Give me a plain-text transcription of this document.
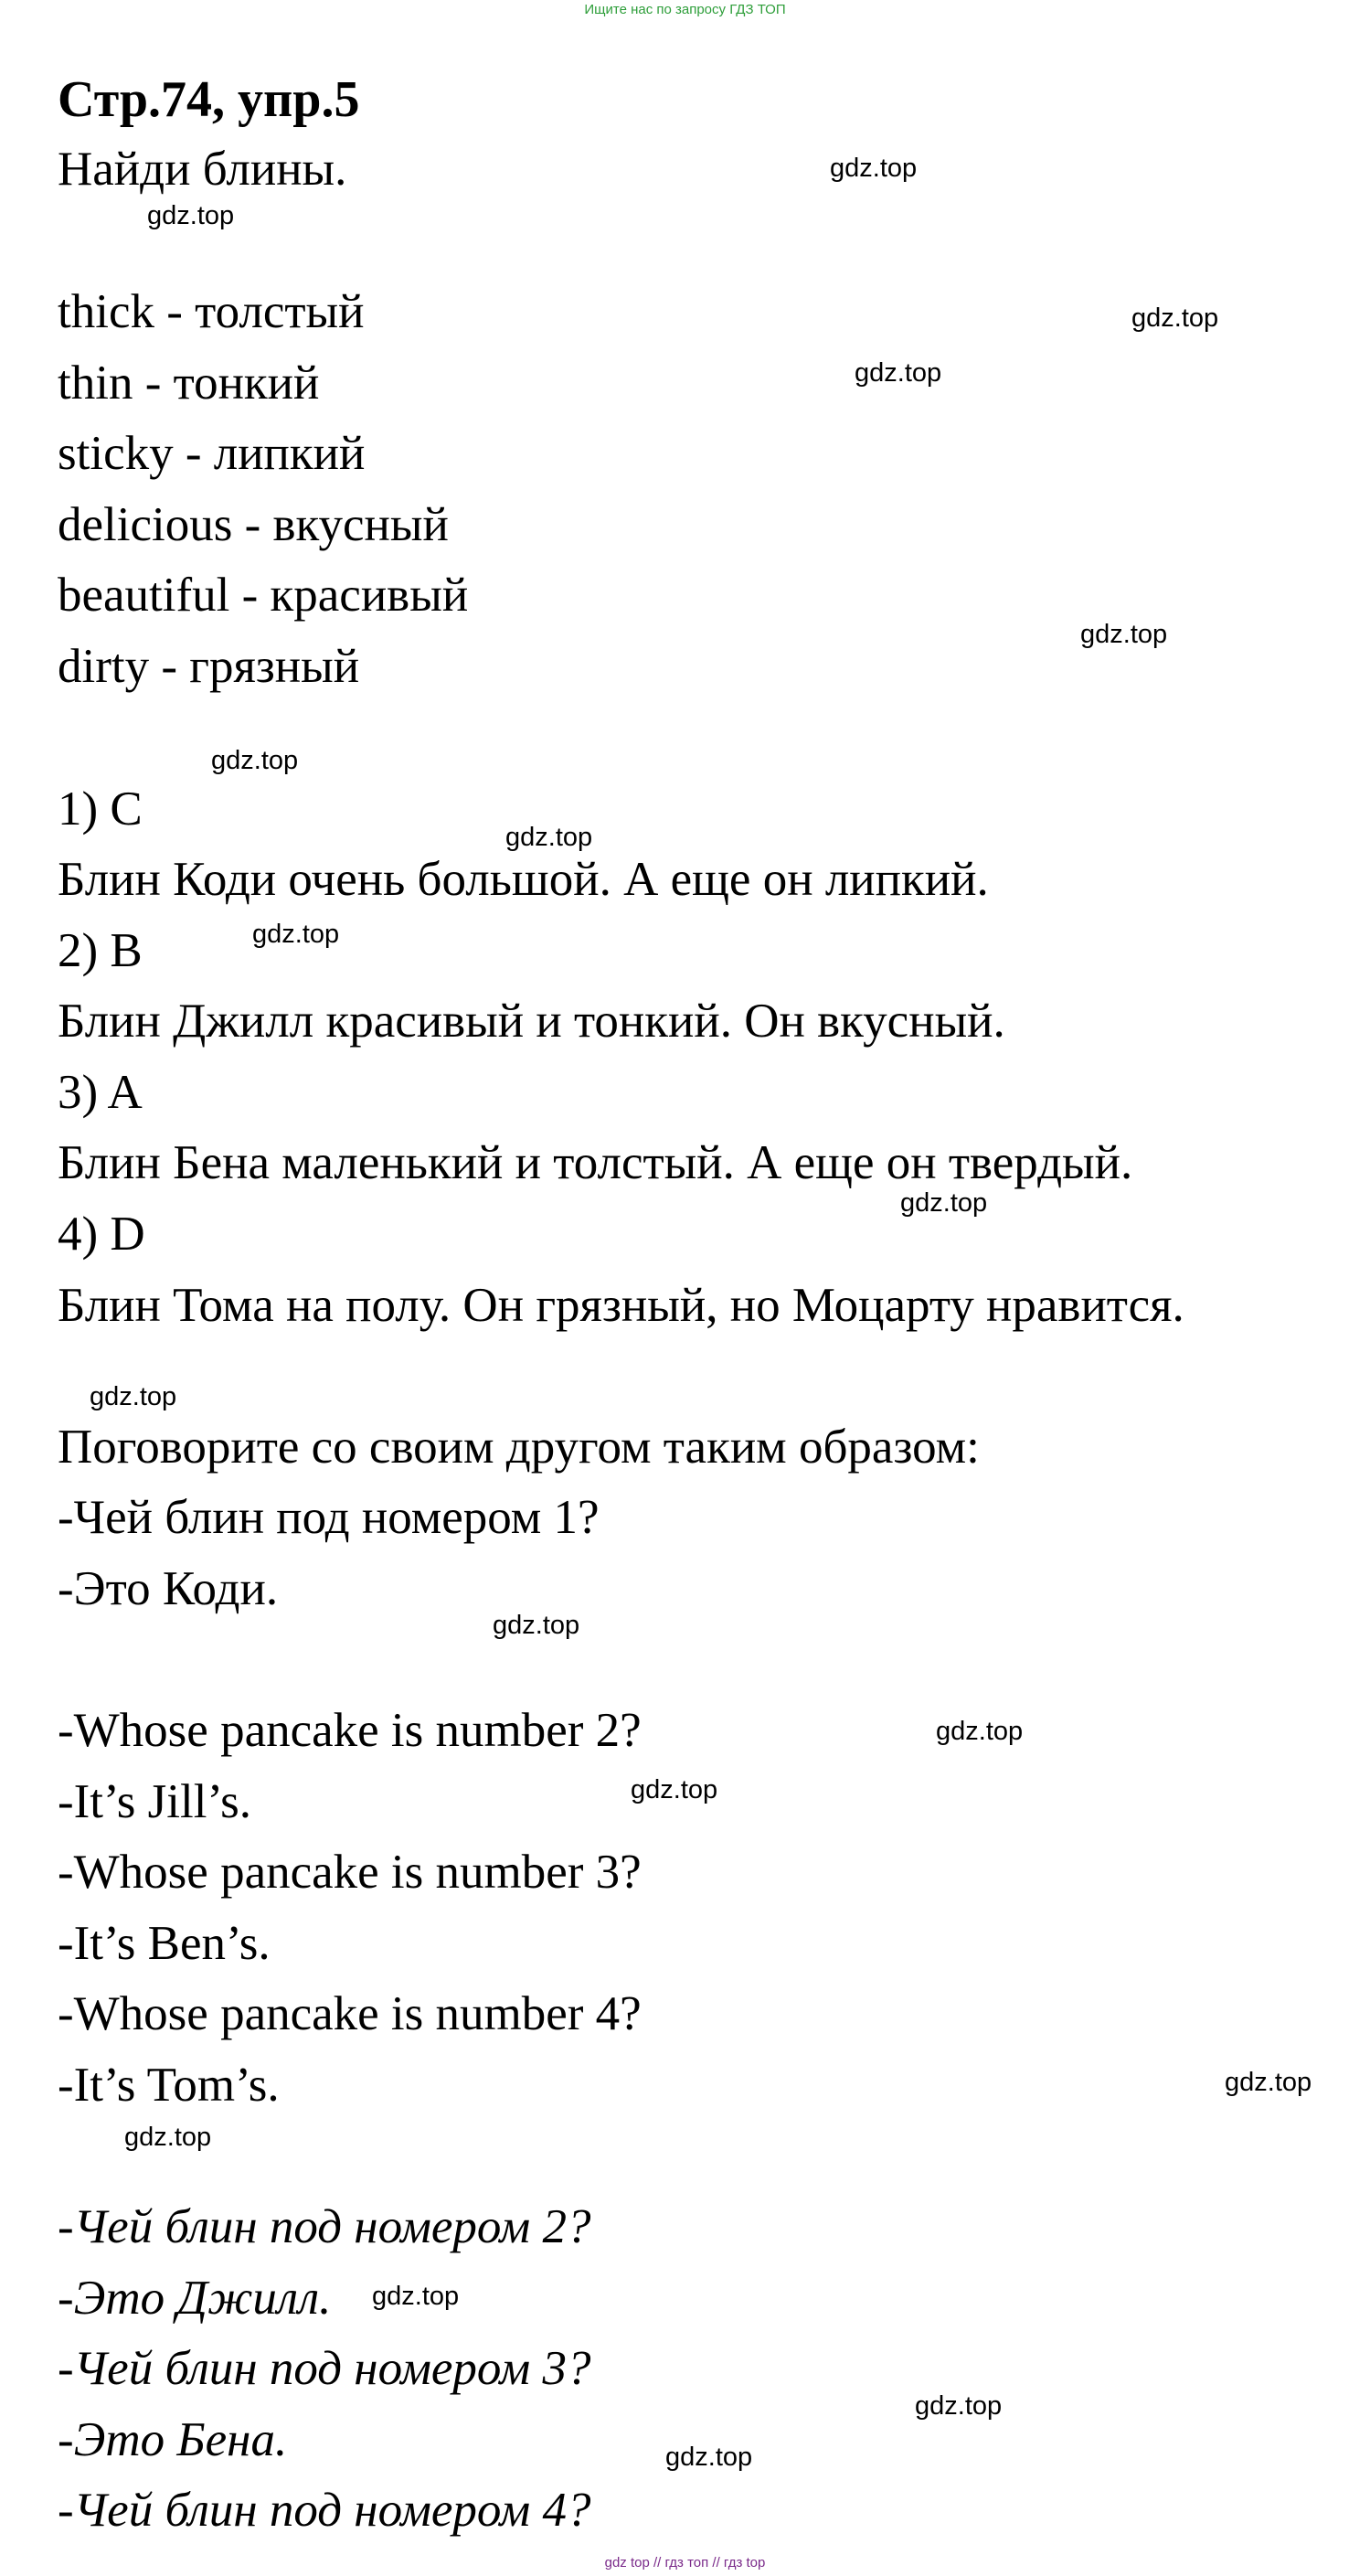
Ищите нас по запросу ГДЗ ТОП
Стр.74, упр.5

Найди блины.

thick - толстый

thin - тонкий

sticky - липкий

delicious - вкусный

beautiful - красивый

dirty - грязный

1) C

Блин Коди очень большой. А еще он липкий.

2) B

Блин Джилл красивый и тонкий. Он вкусный.

3) A

Блин Бена маленький и толстый. А еще он твердый.

4) D

Блин Тома на полу. Он грязный, но Моцарту нравится.

Поговорите со своим другом таким образом:

-Чей блин под номером 1?

-Это Коди.

-Whose pancake is number 2?

-It’s Jill’s.

-Whose pancake is number 3?

-It’s Ben’s.

-Whose pancake is number 4?

-It’s Tom’s.

-Чей блин под номером 2?

-Это Джилл.

-Чей блин под номером 3?

-Это Бена.

-Чей блин под номером 4?

gdz.top
gdz.top
gdz.top
gdz.top
gdz.top
gdz.top
gdz.top
gdz.top
gdz.top
gdz.top
gdz.top
gdz.top
gdz.top
gdz.top
gdz.top
gdz.top
gdz.top
gdz.top
gdz top // гдз топ // гдз top
